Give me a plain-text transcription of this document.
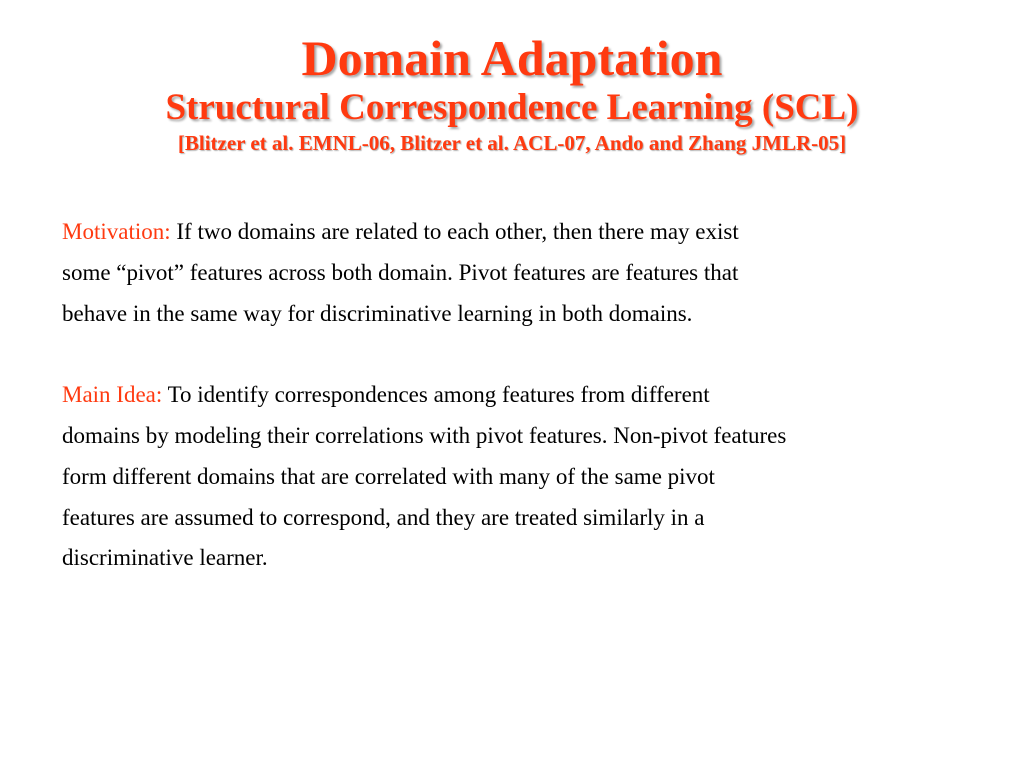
Domain Adaptation
Structural Correspondence Learning (SCL)
[Blitzer et al. EMNL-06, Blitzer et al. ACL-07, Ando and Zhang JMLR-05]

Motivation: If two domains are related to each other, then there may exist
some “pivot” features across both domain. Pivot features are features that
behave in the same way for discriminative learning in both domains.

Main Idea: To identify correspondences among features from different
domains by modeling their correlations with pivot features. Non-pivot features
form different domains that are correlated with many of the same pivot
features are assumed to correspond, and they are treated similarly in a
discriminative learner.
